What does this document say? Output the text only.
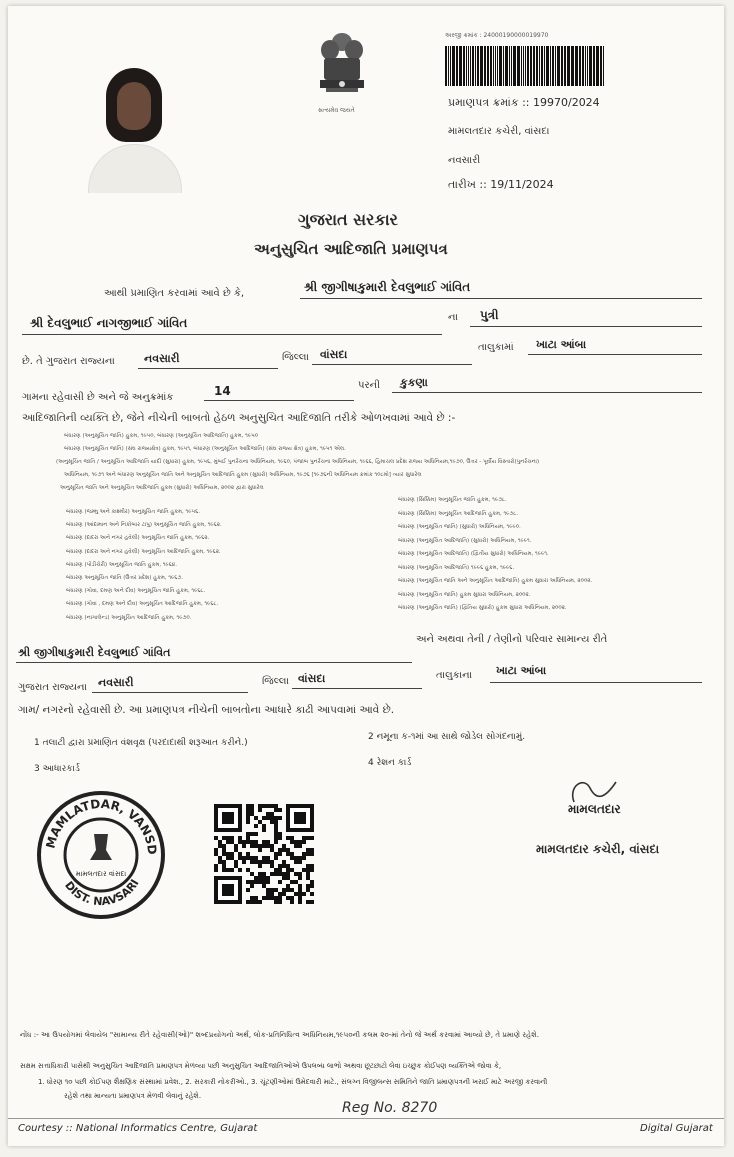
સત્યમેવ જયતે
અરજી ક્રમાંક : 24000190000019970
પ્રમાણપત્ર ક્રમાંક :: 19970/2024
મામલતદાર કચેરી, વાંસદા
નવસારી
તારીખ :: 19/11/2024
ગુજરાત સરકાર
અનુસુચિત આદિજાતિ પ્રમાણપત્ર
આથી પ્રમાણિત કરવામાં આવે છે કે,	શ્રી જીગીષાકુમારી દેવલુભાઈ ગાંવિત
શ્રી દેવલુભાઈ નાગજીભાઈ ગાંવિત	ના પુત્રી
છે. તે ગુજરાત રાજ્યના	નવસારી	જિલ્લા વાંસદા
તાલુકામાં ખાટા આંબા
ગામના રહેવાસી છે અને જે અનુક્રમાંક	14	પરની કુકણા
આદિજાતિની વ્યક્તિ છે, જેને નીચેની બાબતો હેઠળ અનુસુચિત આદિજાતિ તરીકે ઓળખવામાં આવે છે :-
બંધારણ (અનુસૂચિત જાતિ) હુકમ, ૧૯૫૦, બંધારણ (અનુસૂચિત આદિજાતિ) હુકમ, ૧૯૫૦
બંધારણ (અનુસૂચિત જાતિ) (સંઘ રાજ્યક્ષેત્ર) હુકમ, ૧૯૫૧, બંધારણ (અનુસૂચિત આદિજાતિ) (સંઘ રાજ્ય ક્ષેત્ર) હુકમ, ૧૯૫૧ એલ.
(અનુસૂચિત જાતિ / અનુસૂચિત આદિજાતિ યાદી (સુધારા) હુકમ, ૧૯૫૬, મુંબઈ પુનર્રચના અધિનિયમ, ૧૯૬૦, પંજાબ પુનર્રચના અધિનિયમ, ૧૯૬૬, હિમાચલ પ્રદેશ રાજ્ય અધિનિયમ,૧૯૭૦, ઉત્તર - પૂર્વીય વિસ્તારો(પુનર્રચના)
અધિનિયમ, ૧૯૭૧ અને બંધારણ અનુસૂચિત જાતિ અને અનુસૂચિત આદિજાતિ હુકમ (સુધારો) અધિનિયમ, ૧૯૭૬ [૧૯૭૬ની અધિનિયમ ક્રમાંક ૧૦૮મો] ત્યાર સુધારેલ
અનુસૂચિત જાતિ અને અનુસૂચિત આદિજાતિ હુકમ (સુધારો) અધિનિયમ, ૨૦૦૨ દ્વારા સુધારેલ
બંધારણ (જમ્મુ અને કાશ્મીર) અનુસૂચિત જાતિ હુકમ, ૧૯૫૬.
બંધારણ (આંદામાન અને નિકોબાર ટાપુ) અનુસૂચિત જાતિ હુકમ, ૧૯૬૨.
બંધારણ (દાદરા અને નગર હવેલી) અનુસૂચિત જાતિ હુકમ, ૧૯૬૨.
બંધારણ (દાદરા અને નગર હવેલી) અનુસૂચિત આદિજાતિ હુકમ, ૧૯૬૨.
બંધારણ (પોંડીચેરી) અનુસૂચિત જાતિ હુકમ, ૧૯૬૪.
બંધારણ અનુસૂચિત જાતિ (ઉત્તર પ્રદેશ) હુકમ, ૧૯૬૭.
બંધારણ (ગોવા, દમણ અને દીવ) અનુસૂચિત જાતિ હુકમ, ૧૯૬૮.
બંધારણ (ગોવા , દમણ અને દીવ) અનુસૂચિત આદિજાતિ હુકમ, ૧૯૬૮.
બંધારણ (નાગાલેન્ડ) અનુસૂચિત આદિજાતિ હુકમ, ૧૯૭૦.
બંધારણ (સિક્કિમ) અનુસૂચિત જાતિ હુકમ, ૧૯૭૮.
બંધારણ (સિક્કિમ) અનુસૂચિત આદિજાતિ હુકમ, ૧૯૭૮.
બંધારણ (અનુસૂચિત જાતિ) (સુધારો) અધિનિયમ, ૧૯૯૦.
બંધારણ (અનુસૂચિત આદિજાતિ) (સુધારો) અધિનિયમ, ૧૯૯૧.
બંધારણ (અનુસૂચિત આદિજાતિ) (દ્વિતીય સુધારો) અધિનિયમ, ૧૯૯૧.
બંધારણ (અનુસૂચિત આદિજાતિ) ૧૯૯૬ હુકમ, ૧૯૯૬.
બંધારણ (અનુસૂચિત જાતિ અને અનુસૂચિત આદિજાતિ) હુકમ સુધારા અધિનિયમ, ૨૦૦૨.
બંધારણ (અનુસૂચિત જાતિ) હુકમ સુધારા અધિનિયમ, ૨૦૦૨.
બંધારણ (અનુસૂચિત જાતિ) (દ્વિતિય સુધારો) હુકમ સુધારા અધિનિયમ, ૨૦૦૨.
શ્રી જીગીષાકુમારી દેવલુભાઈ ગાંવિત
અને અથવા તેની / તેણીનો પરિવાર સામાન્ય રીતે
ગુજરાત રાજ્યના નવસારી	જિલ્લા વાંસદા	તાલુકાના ખાટા આંબા
ગામ/ નગરનો રહેવાસી છે. આ પ્રમાણપત્ર નીચેની બાબતોના આધારે કાઢી આપવામાં આવે છે.
1 તલાટી દ્વારા પ્રમાણિત વંશવૃક્ષ (પરદાદાથી શરૂઆત કરીને.)
2 નમૂના ક-૧માં આ સાથે જોડેલ સોગંદનામું.
3 આધારકાર્ડ
4 રેશન કાર્ડ
MAMLATDAR, VANSD
DIST. NAVSARI
મામલતદાર વાંસદા
મામલતદાર
મામલતદાર કચેરી, વાંસદા
નોંધ :- આ ઉપયોગમાં લેવાયેલ "સામાન્ય રીતે રહેવાસી(ઓ)" શબ્દપ્રયોગનો અર્થ, લોક-પ્રતિનિધિત્વ અધિનિયમ,૧૯૫૦ની કલમ ૨૦-માં તેનો જે અર્થ કરવામાં આવ્યો છે, તે પ્રમાણે રહેશે.
સક્ષમ સત્તાધિકારી પાસેથી અનુસુચિત આદિજાતિ પ્રમાણપત્ર મેળવ્યા પછી અનુસુચિત આદિજાતિઓએ ઉપલબ્ધ લાભો અથવા છૂટછાટો લેવા ઇચ્છુક કોઈપણ વ્યક્તિએ જોવા કે,
1. ધોરણ ૧૦ પછી કોઈપણ શૈક્ષણિક સંસ્થામાં પ્રવેશ., 2. સરકારી નોકરીઓ., 3. ચૂંટણીઓમાં ઉમેદવારી માટે., સંલગ્ન વિજીલન્સ સમિતિને જાતિ પ્રમાણપત્રની ખરાઈ માટે અરજી કરવાની
રહેશે તથા માન્યતા પ્રમાણપત્ર મેળવી લેવાનું રહેશે.
Reg No. 8270
Courtesy :: National Informatics Centre, Gujarat	Digital Gujarat
